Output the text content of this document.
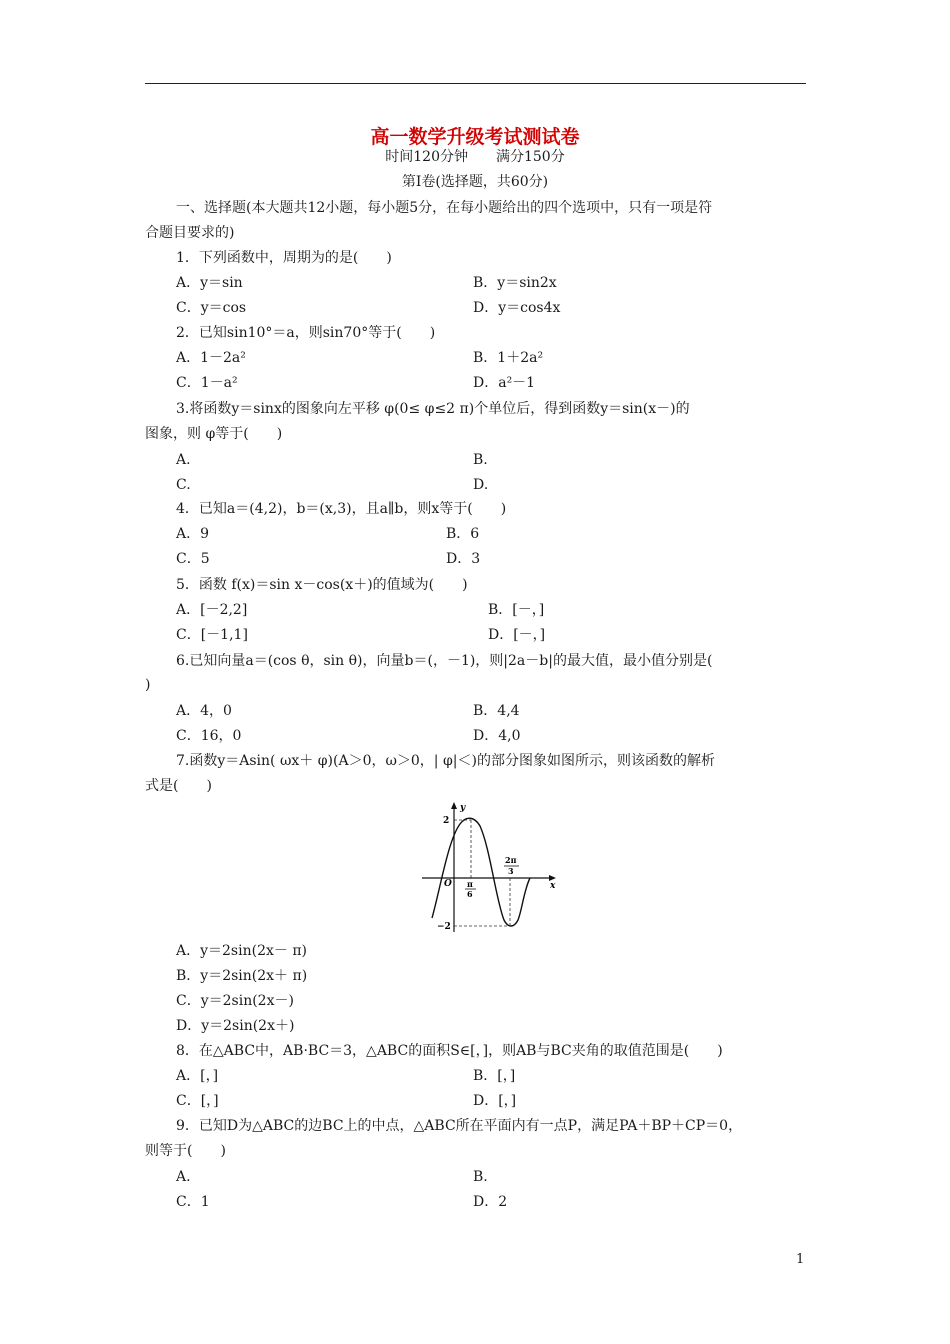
高一数学升级考试测试卷
时间120分钟　　满分150分
第Ⅰ卷(选择题，共60分)
一、选择题(本大题共12小题，每小题5分，在每小题给出的四个选项中，只有一项是符
合题目要求的)
1．下列函数中，周期为的是(　　)
A．y＝sin	B．y＝sin2x
C．y＝cos	D．y＝cos4x
2．已知sin10°＝a，则sin70°等于(　　)
A．1－2a²	B．1＋2a²
C．1－a²	D．a²－1
3.将函数y＝sinx的图象向左平移 φ(0≤ φ≤2 π)个单位后，得到函数y＝sin(x－)的
图象，则 φ等于(　　)
A.	B.
C.	D.
4．已知a＝(4,2)，b＝(x,3)，且a∥b，则x等于(　　)
A．9	B．6
C．5	D．3
5．函数 f(x)＝sin x－cos(x＋)的值域为(　　)
A．[－2,2]	B．[－，]
C．[－1,1]	D．[－，]
6.已知向量a＝(cos θ，sin θ)，向量b＝(，－1)，则|2a－b|的最大值，最小值分别是(
)
A．4，0	B．4,4
C．16，0	D．4,0
7.函数y＝Asin( ωx＋ φ)(A＞0，ω＞0，| φ|＜)的部分图象如图所示，则该函数的解析
式是(　　)
y
x
2
−2
O π
6
2π
3
A．y＝2sin(2x－ π)
B．y＝2sin(2x＋ π)
C．y＝2sin(2x－)
D．y＝2sin(2x＋)
8．在△ABC中，AB·BC＝3，△ABC的面积S∈[，]，则AB与BC夹角的取值范围是(　　)
A．[，]	B．[，]
C．[，]	D．[，]
9．已知D为△ABC的边BC上的中点，△ABC所在平面内有一点P，满足PA＋BP＋CP＝0，
则等于(　　)
A.	B.
C．1	D．2
1
